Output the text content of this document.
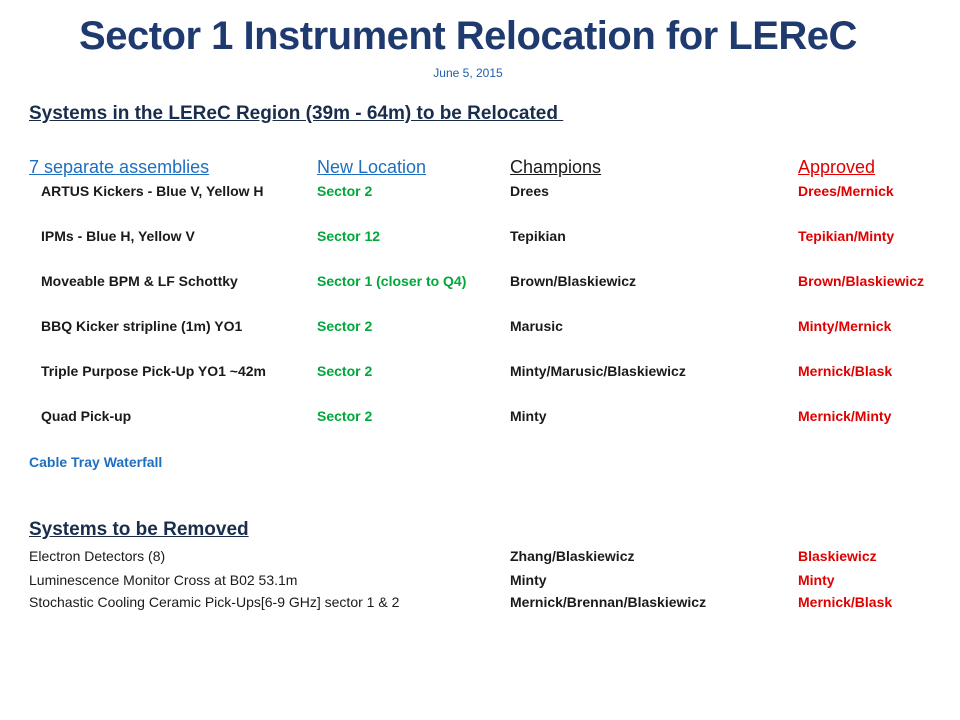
Sector 1 Instrument Relocation for LEReC
June 5, 2015
Systems in the LEReC Region (39m - 64m) to be Relocated
7 separate assemblies	New Location	Champions	Approved
ARTUS Kickers - Blue V, Yellow H	Sector 2	Drees	Drees/Mernick
IPMs - Blue H, Yellow V	Sector 12	Tepikian	Tepikian/Minty
Moveable BPM & LF Schottky	Sector 1 (closer to Q4)	Brown/Blaskiewicz	Brown/Blaskiewicz
BBQ Kicker stripline (1m) YO1	Sector 2	Marusic	Minty/Mernick
Triple Purpose Pick-Up YO1 ~42m	Sector 2	Minty/Marusic/Blaskiewicz	Mernick/Blask
Quad Pick-up	Sector 2	Minty	Mernick/Minty
Cable Tray Waterfall
Systems to be Removed
Electron Detectors (8)	Zhang/Blaskiewicz	Blaskiewicz
Luminescence Monitor Cross at B02 53.1m	Minty	Minty
Stochastic Cooling Ceramic Pick-Ups[6-9 GHz] sector 1 & 2	Mernick/Brennan/Blaskiewicz	Mernick/Blask
